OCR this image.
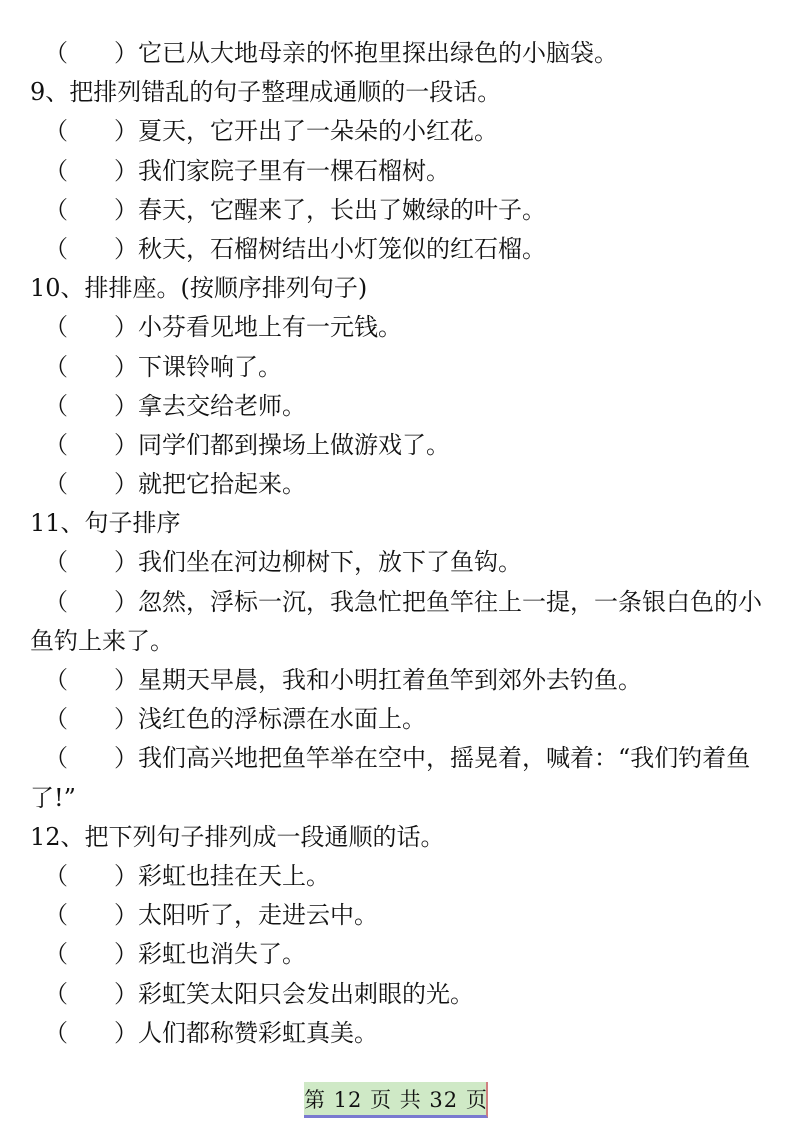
（	） 它已从大地母亲的怀抱里探出绿色的小脑袋。
9、把排列错乱的句子整理成通顺的一段话。
（	） 夏天，它开出了一朵朵的小红花。
（	） 我们家院子里有一棵石榴树。
（	） 春天，它醒来了，长出了嫩绿的叶子。
（	） 秋天，石榴树结出小灯笼似的红石榴。
10、排排座。(按顺序排列句子)
（	） 小芬看见地上有一元钱。
（	） 下课铃响了。
（	） 拿去交给老师。
（	） 同学们都到操场上做游戏了。
（	） 就把它拾起来。
11、句子排序
（	） 我们坐在河边柳树下，放下了鱼钩。
（ ）忽然，浮标一沉，我急忙把鱼竿往上一提，一条银白色的小鱼钓上来了。
（	） 星期天早晨，我和小明扛着鱼竿到郊外去钓鱼。
（	） 浅红色的浮标漂在水面上。
（ ）我们高兴地把鱼竿举在空中，摇晃着，喊着：“我们钓着鱼了!”
12、把下列句子排列成一段通顺的话。
（	） 彩虹也挂在天上。
（	） 太阳听了，走进云中。
（	） 彩虹也消失了。
（	） 彩虹笑太阳只会发出刺眼的光。
（	） 人们都称赞彩虹真美。
第 12 页 共 32 页
